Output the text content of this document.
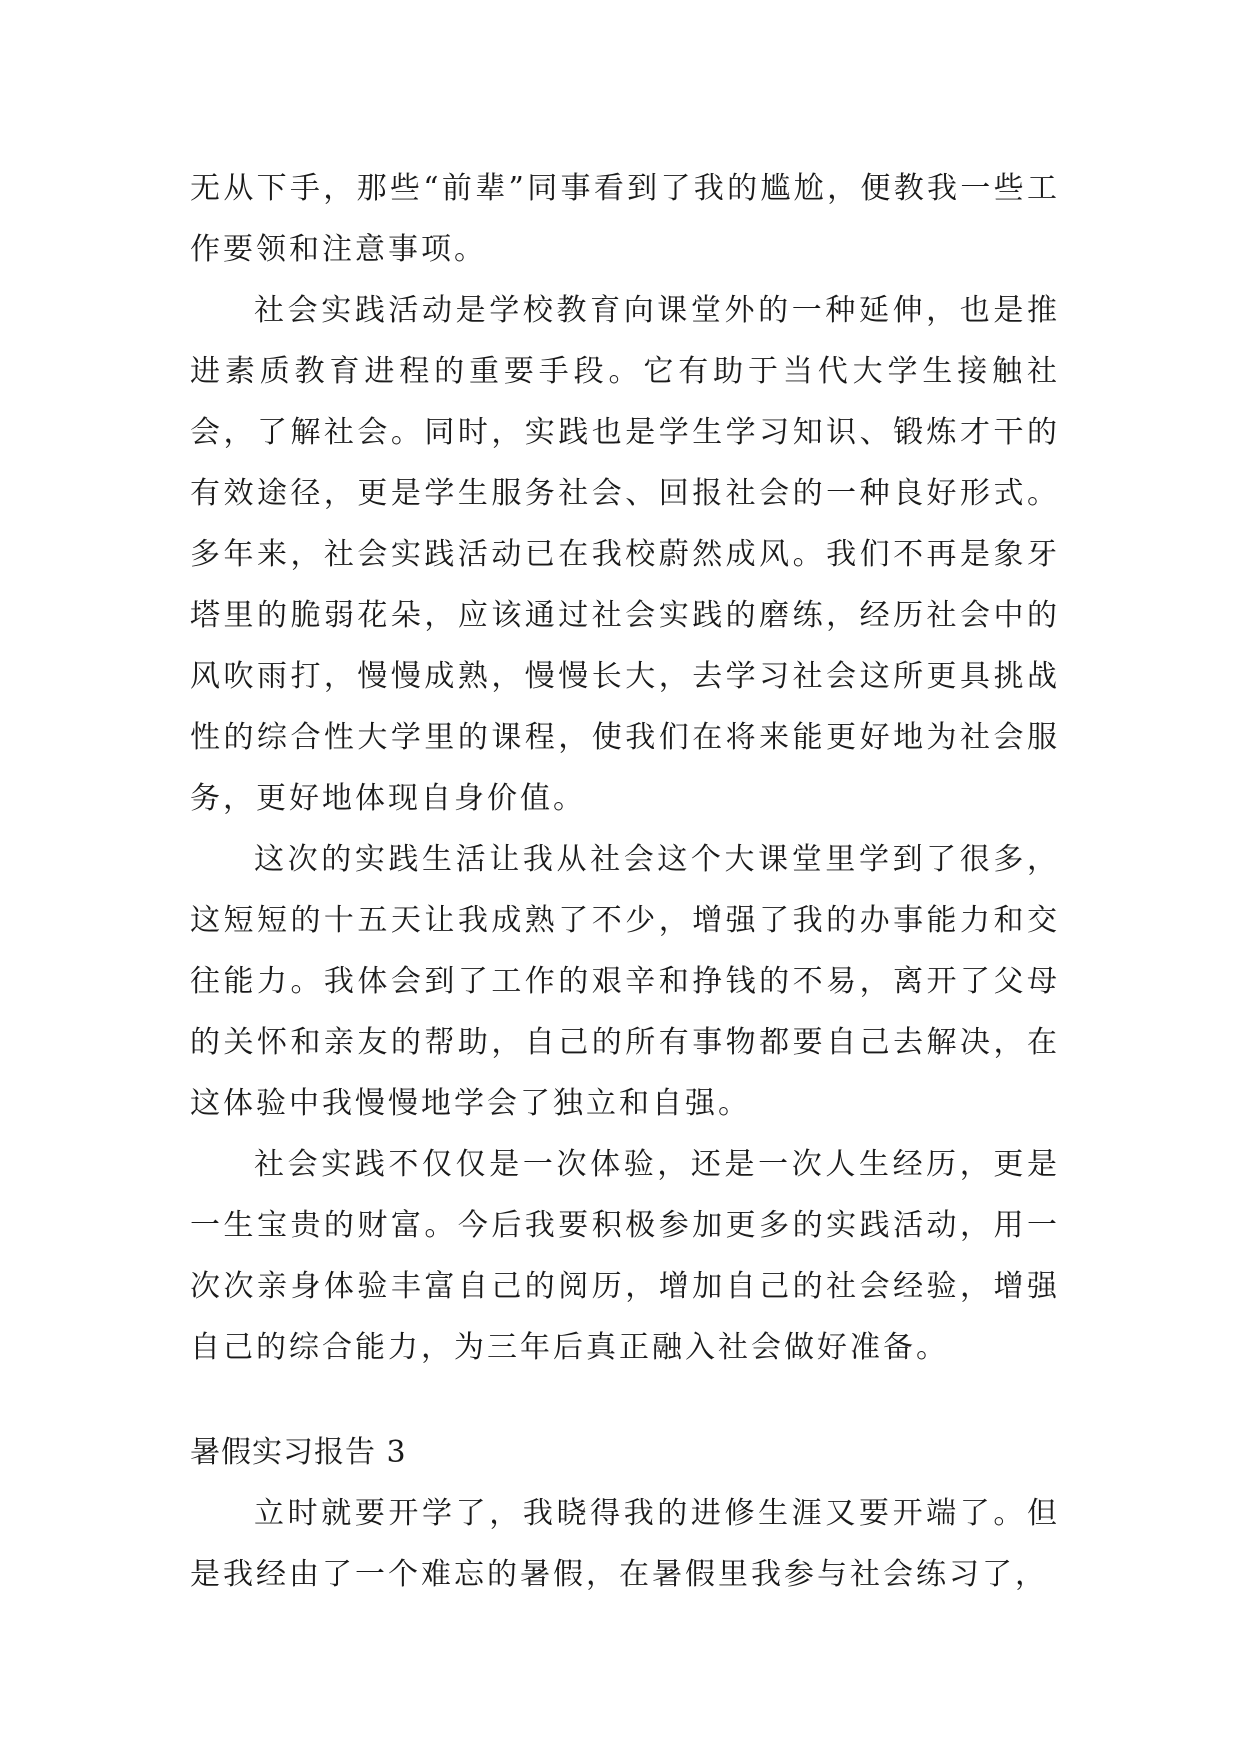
无从下手，那些“前辈”同事看到了我的尴尬，便教我一些工作要领和注意事项。

社会实践活动是学校教育向课堂外的一种延伸，也是推进素质教育进程的重要手段。它有助于当代大学生接触社会，了解社会。同时，实践也是学生学习知识、锻炼才干的有效途径，更是学生服务社会、回报社会的一种良好形式。多年来，社会实践活动已在我校蔚然成风。我们不再是象牙塔里的脆弱花朵，应该通过社会实践的磨练，经历社会中的风吹雨打，慢慢成熟，慢慢长大，去学习社会这所更具挑战性的综合性大学里的课程，使我们在将来能更好地为社会服务，更好地体现自身价值。

这次的实践生活让我从社会这个大课堂里学到了很多，这短短的十五天让我成熟了不少，增强了我的办事能力和交往能力。我体会到了工作的艰辛和挣钱的不易，离开了父母的关怀和亲友的帮助，自己的所有事物都要自己去解决，在这体验中我慢慢地学会了独立和自强。

社会实践不仅仅是一次体验，还是一次人生经历，更是一生宝贵的财富。今后我要积极参加更多的实践活动，用一次次亲身体验丰富自己的阅历，增加自己的社会经验，增强自己的综合能力，为三年后真正融入社会做好准备。

暑假实习报告 3

立时就要开学了，我晓得我的进修生涯又要开端了。但是我经由了一个难忘的暑假，在暑假里我参与社会练习了，
